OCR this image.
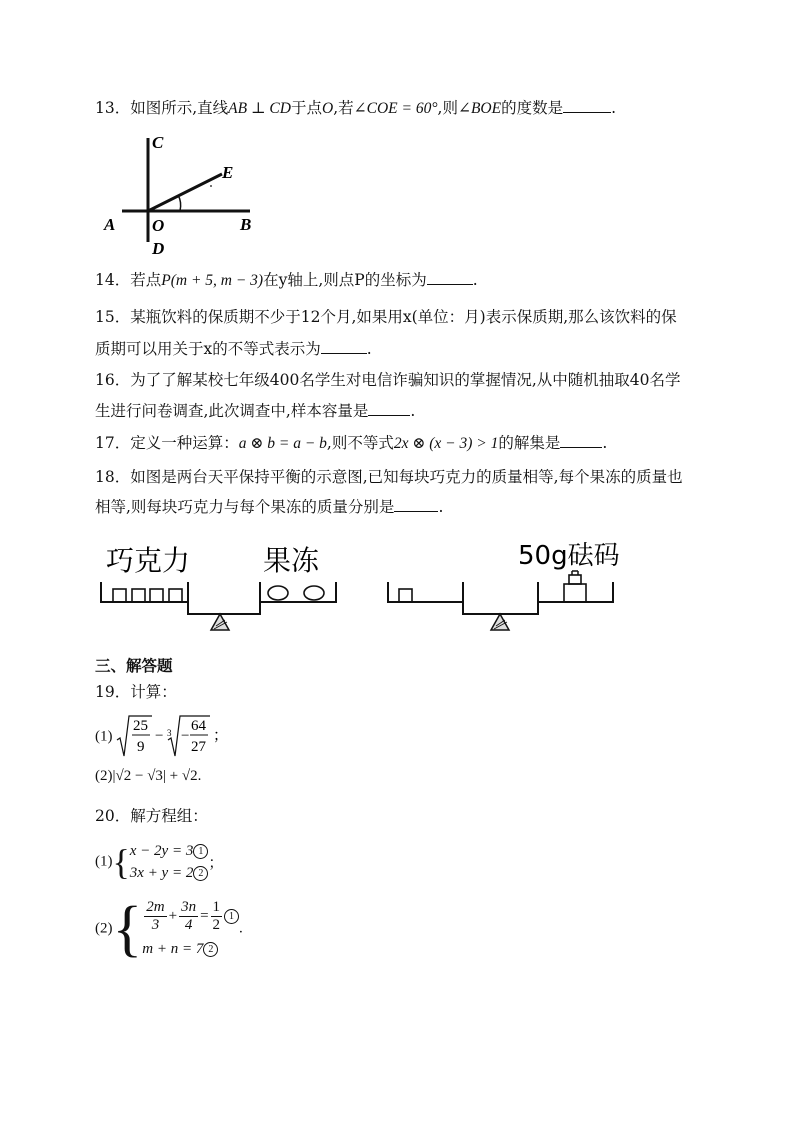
13．如图所示,直线AB ⊥ CD于点O,若∠COE = 60°,则∠BOE的度数是	.
C
E
A O	B
D
14．若点P(m + 5, m − 3)在y轴上,则点P的坐标为	.
15．某瓶饮料的保质期不少于12个月,如果用x(单位：月)表示保质期,那么该饮料的保
质期可以用关于x的不等式表示为	.
16．为了了解某校七年级400名学生对电信诈骗知识的掌握情况,从中随机抽取40名学
生进行问卷调查,此次调查中,样本容量是	.
17．定义一种运算：a ⊗ b = a − b,则不等式2x ⊗ (x − 3) > 1的解集是	.
18．如图是两台天平保持平衡的示意图,已知每块巧克力的质量相等,每个果冻的质量也
相等,则每块巧克力与每个果冻的质量分别是	.
巧克力	果冻	50g砝码
三、解答题
19．计算：
(1)
25
9
− 3 −
64
27
；
(2)|√2 − √3| + √2.
20．解方程组：
(1){ x − 2y = 3 1
3x + y = 2 2
；
$(2)\{ \frac{2m}{3} + \frac{3n}{4} = \frac{1}{2} 1$
m + n = 7 2
.
